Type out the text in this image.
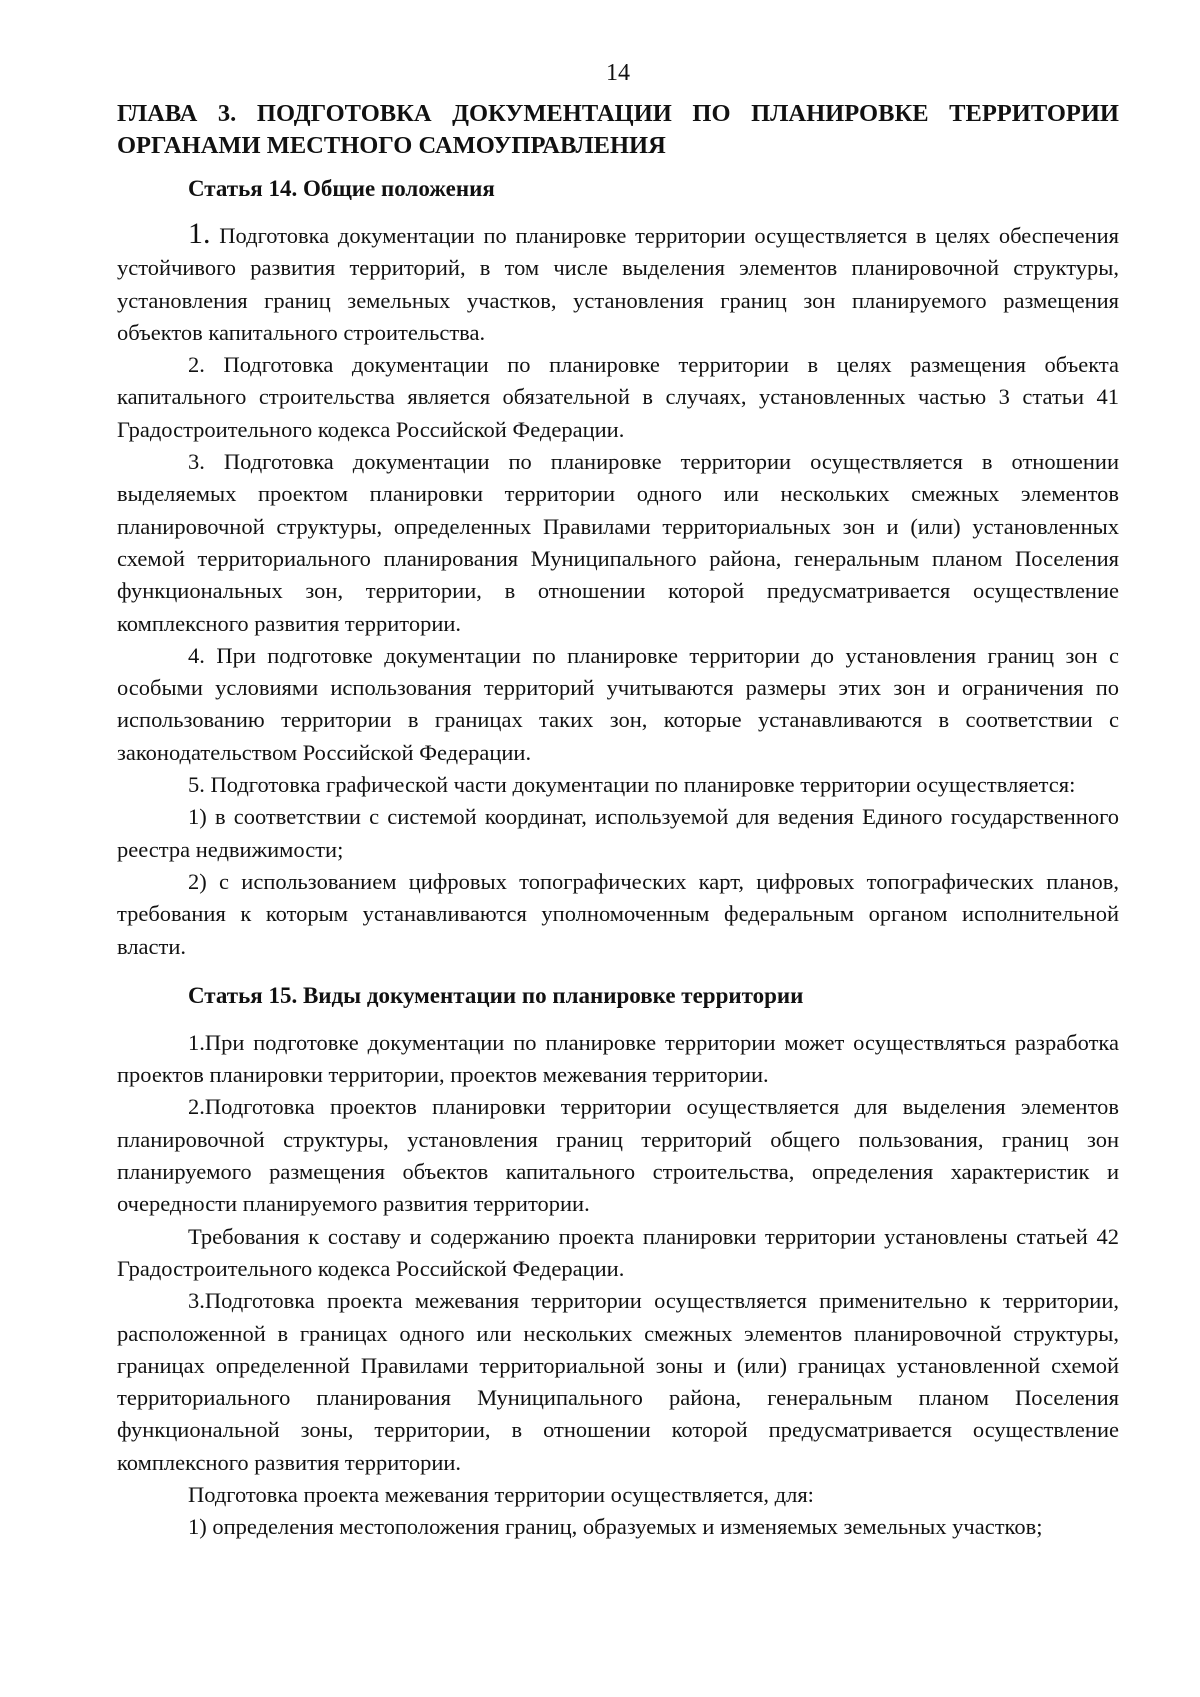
14
ГЛАВА 3. ПОДГОТОВКА ДОКУМЕНТАЦИИ ПО ПЛАНИРОВКЕ ТЕРРИТОРИИ ОРГАНАМИ МЕСТНОГО САМОУПРАВЛЕНИЯ
Статья 14. Общие положения

1. Подготовка документации по планировке территории осуществляется в целях обеспечения устойчивого развития территорий, в том числе выделения элементов планировочной структуры, установления границ земельных участков, установления границ зон планируемого размещения объектов капитального строительства.

2. Подготовка документации по планировке территории в целях размещения объекта капитального строительства является обязательной в случаях, установленных частью 3 статьи 41 Градостроительного кодекса Российской Федерации.

3. Подготовка документации по планировке территории осуществляется в отношении выделяемых проектом планировки территории одного или нескольких смежных элементов планировочной структуры, определенных Правилами территориальных зон и (или) установленных схемой территориального планирования Муниципального района, генеральным планом Поселения функциональных зон, территории, в отношении которой предусматривается осуществление комплексного развития территории.

4. При подготовке документации по планировке территории до установления границ зон с особыми условиями использования территорий учитываются размеры этих зон и ограничения по использованию территории в границах таких зон, которые устанавливаются в соответствии с законодательством Российской Федерации.

5. Подготовка графической части документации по планировке территории осуществляется:

1) в соответствии с системой координат, используемой для ведения Единого государственного реестра недвижимости;

2) с использованием цифровых топографических карт, цифровых топографических планов, требования к которым устанавливаются уполномоченным федеральным органом исполнительной власти.

Статья 15. Виды документации по планировке территории

1.При подготовке документации по планировке территории может осуществляться разработка проектов планировки территории, проектов межевания территории.

2.Подготовка проектов планировки территории осуществляется для выделения элементов планировочной структуры, установления границ территорий общего пользования, границ зон планируемого размещения объектов капитального строительства, определения характеристик и очередности планируемого развития территории.

Требования к составу и содержанию проекта планировки территории установлены статьей 42 Градостроительного кодекса Российской Федерации.

3.Подготовка проекта межевания территории осуществляется применительно к территории, расположенной в границах одного или нескольких смежных элементов планировочной структуры, границах определенной Правилами территориальной зоны и (или) границах установленной схемой территориального планирования Муниципального района, генеральным планом Поселения функциональной зоны, территории, в отношении которой предусматривается осуществление комплексного развития территории.

Подготовка проекта межевания территории осуществляется, для:

1) определения местоположения границ, образуемых и изменяемых земельных участков;
